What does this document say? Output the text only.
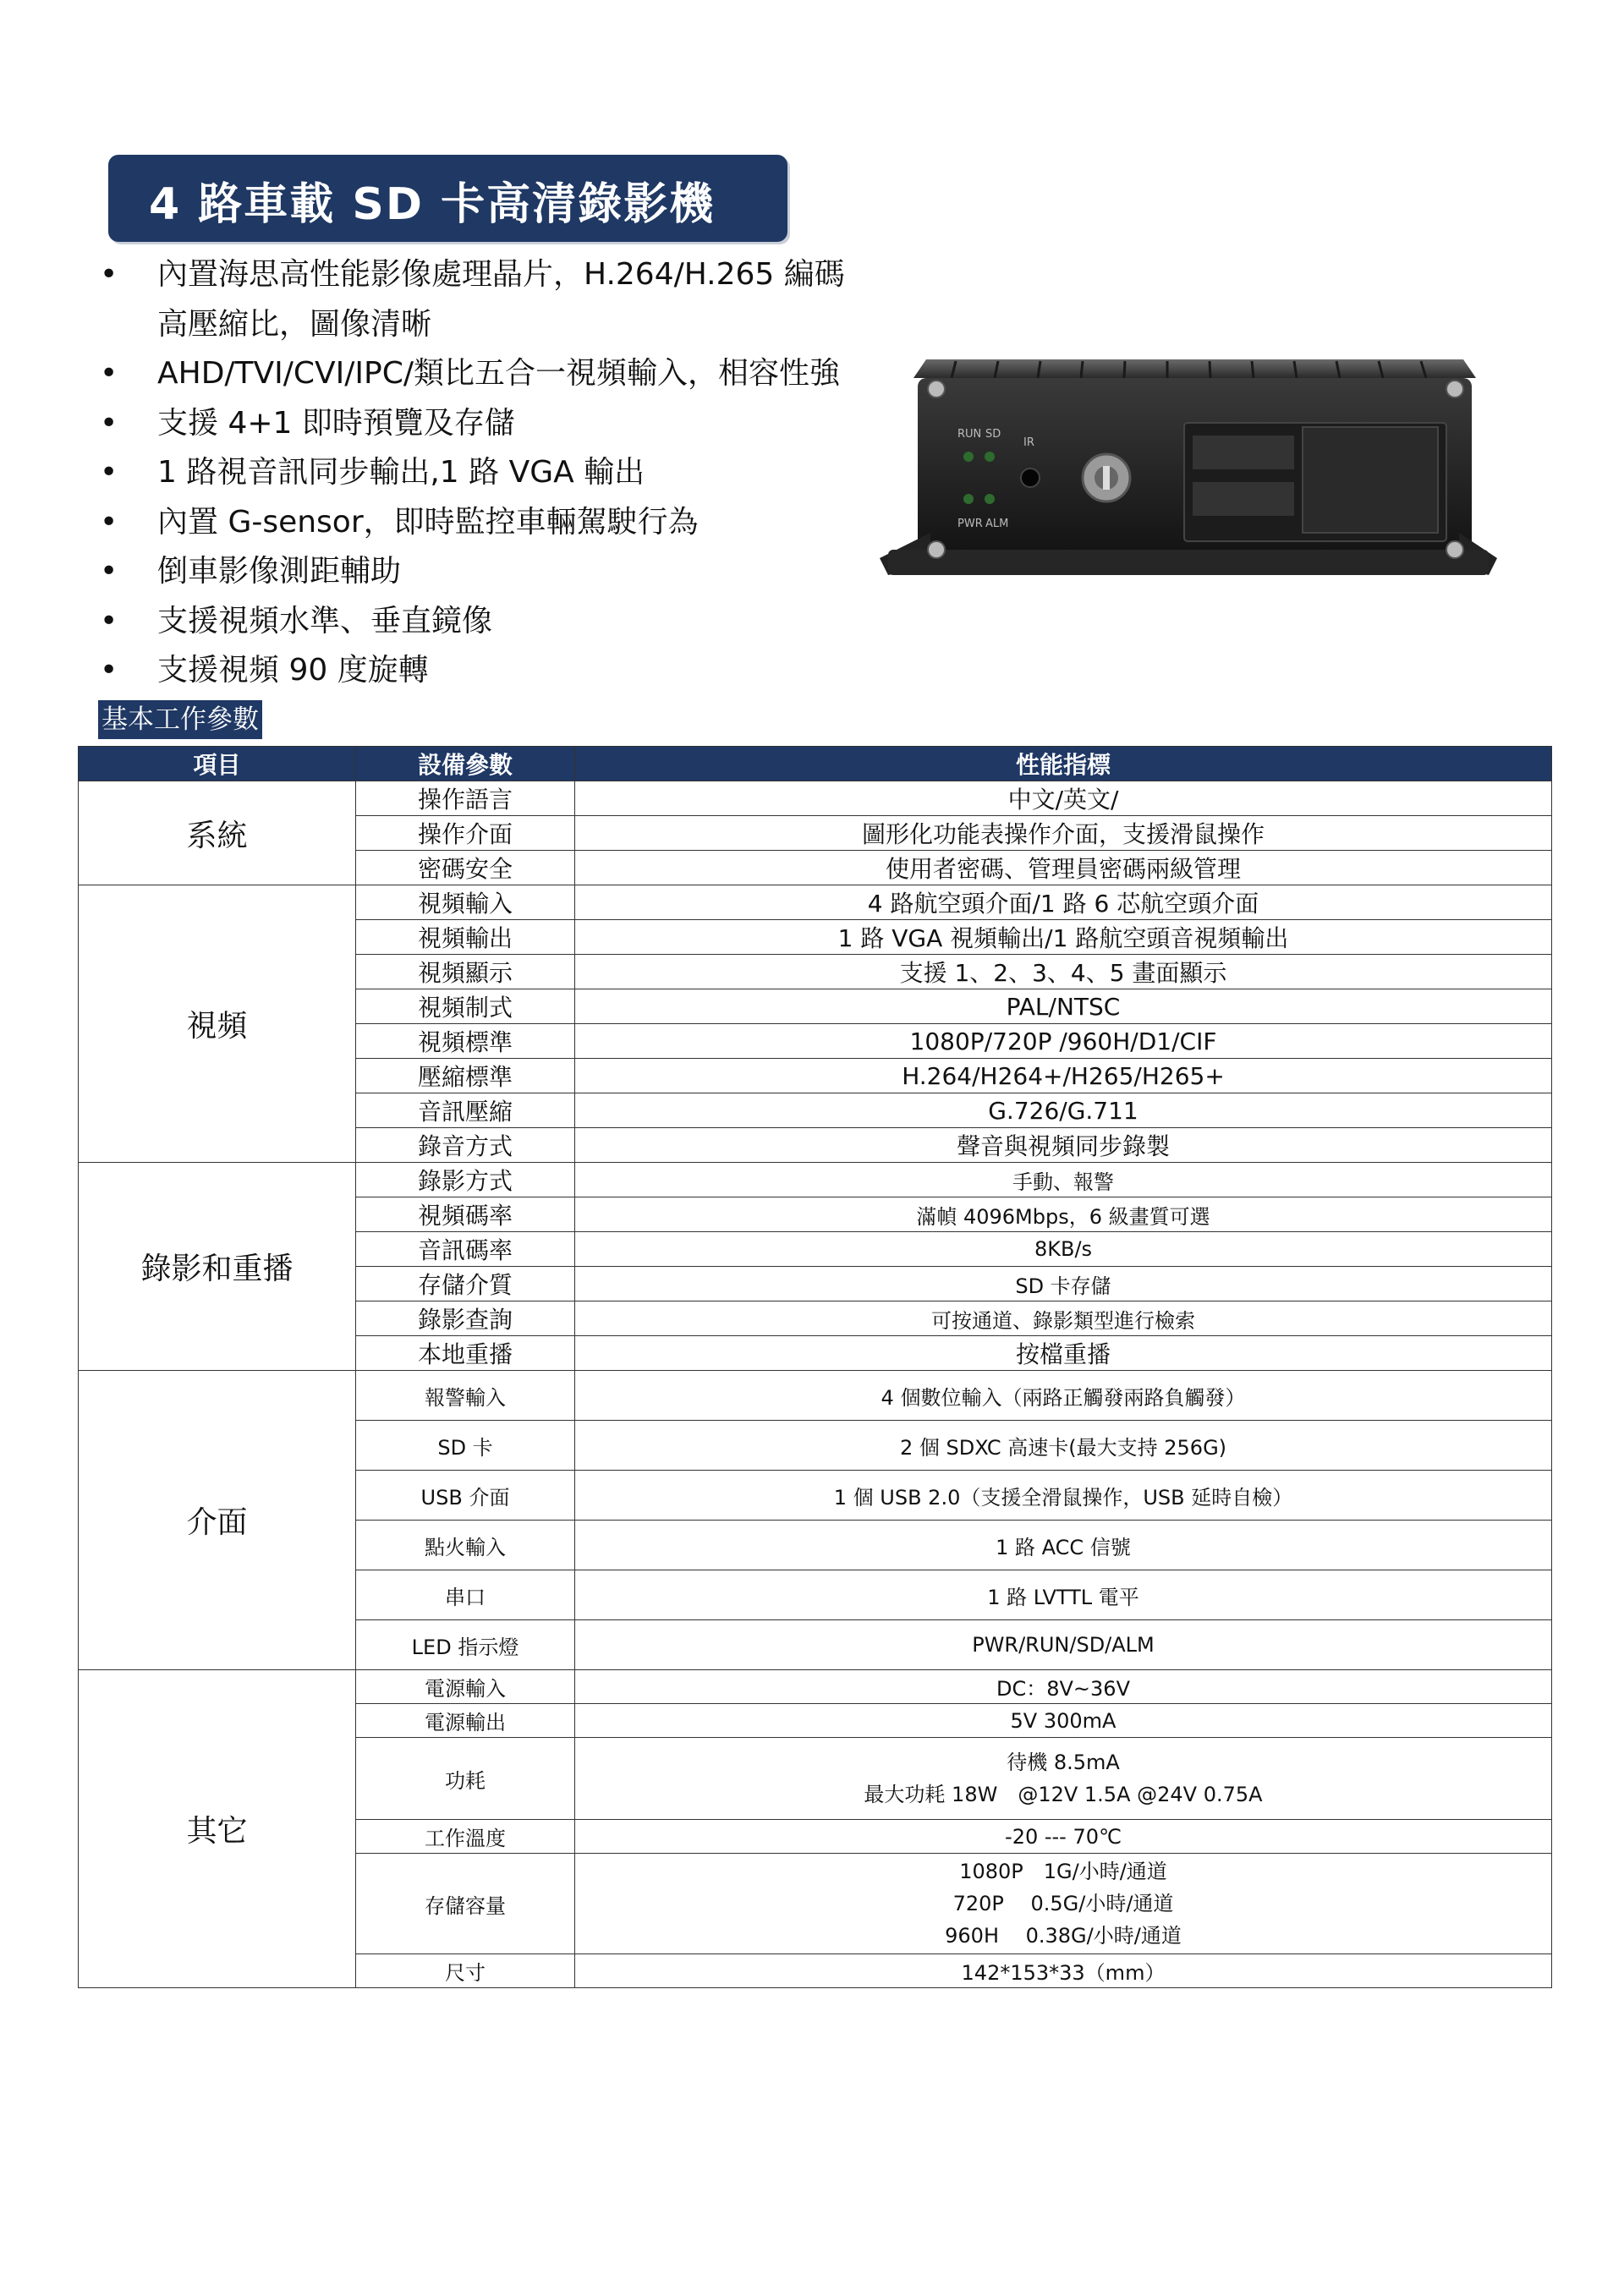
4 路車載 SD 卡高清錄影機
• 內置海思高性能影像處理晶片，H.264/H.265 編碼
高壓縮比，圖像清晰
• AHD/TVI/CVI/IPC/類比五合一視頻輸入，相容性強
• 支援 4+1 即時預覽及存儲
• 1 路視音訊同步輸出,1 路 VGA 輸出
• 內置 G-sensor，即時監控車輛駕駛行為
• 倒車影像測距輔助
• 支援視頻水準、垂直鏡像
• 支援視頻 90 度旋轉
RUN SD
IR
PWR ALM
基本工作參數
項目	設備參數	性能指標
系統	操作語言	中文/英文/
	操作介面	圖形化功能表操作介面，支援滑鼠操作
	密碼安全	使用者密碼、管理員密碼兩級管理
視頻	視頻輸入	4 路航空頭介面/1 路 6 芯航空頭介面
	視頻輸出	1 路 VGA 視頻輸出/1 路航空頭音視頻輸出
	視頻顯示	支援 1、2、3、4、5 畫面顯示
	視頻制式	PAL/NTSC
	視頻標準	1080P/720P /960H/D1/CIF
	壓縮標準	H.264/H264+/H265/H265+
	音訊壓縮	G.726/G.711
	錄音方式	聲音與視頻同步錄製
錄影和重播	錄影方式	手動、報警
	視頻碼率	滿幀 4096Mbps，6 級畫質可選
	音訊碼率	8KB/s
	存儲介質	SD 卡存儲
	錄影查詢	可按通道、錄影類型進行檢索
	本地重播	按檔重播
介面	報警輸入	4 個數位輸入（兩路正觸發兩路負觸發）
	SD 卡	2 個 SDXC 高速卡(最大支持 256G)
	USB 介面	1 個 USB 2.0（支援全滑鼠操作，USB 延時自檢）
	點火輸入	1 路 ACC 信號
	串口	1 路 LVTTL 電平
	LED 指示燈	PWR/RUN/SD/ALM
其它	電源輸入	DC：8V~36V
	電源輸出	5V 300mA
	功耗	待機 8.5mA
最大功耗 18W　@12V 1.5A @24V 0.75A

	工作溫度	-20 --- 70℃
	存儲容量	1080P　1G/小時/通道
720P　 0.5G/小時/通道
960H　 0.38G/小時/通道

	尺寸	142*153*33（mm）
